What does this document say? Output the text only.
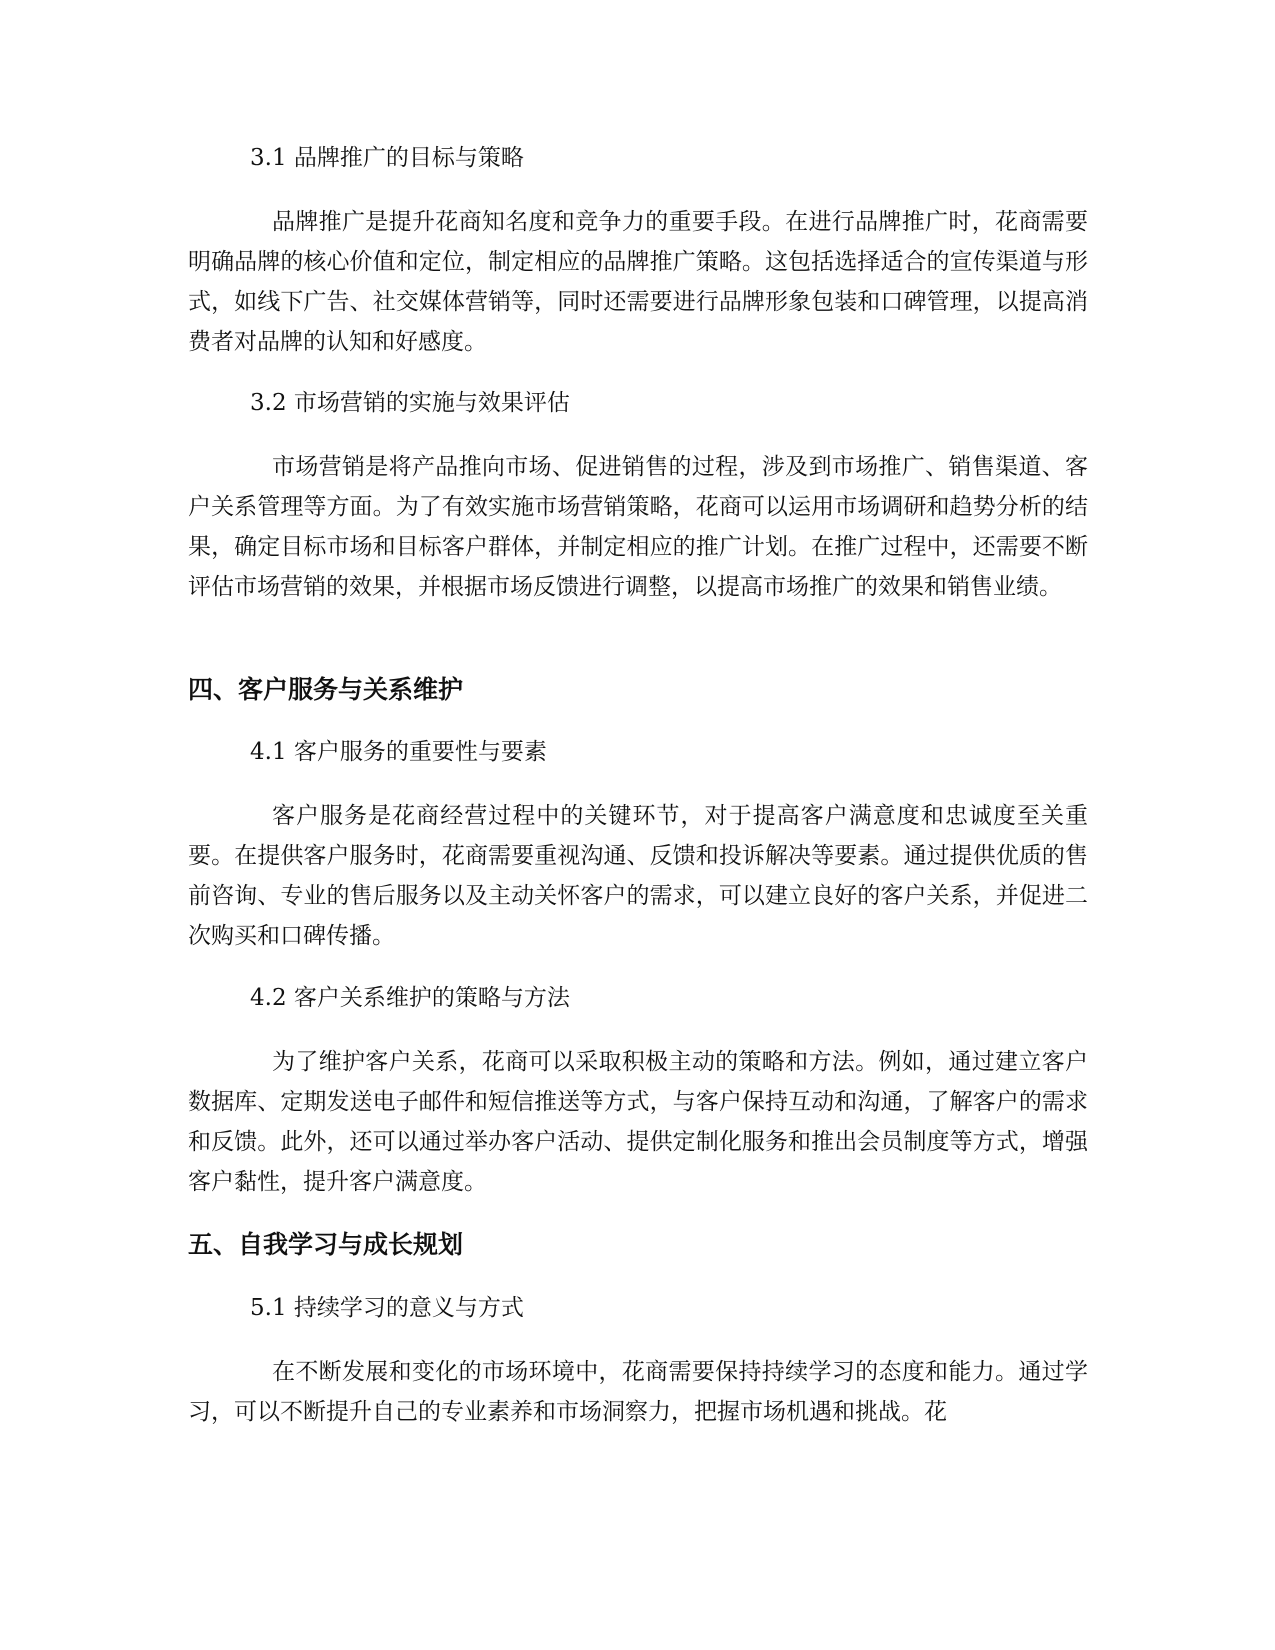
3.1 品牌推广的目标与策略

品牌推广是提升花商知名度和竞争力的重要手段。在进行品牌推广时，花商需要明确品牌的核心价值和定位，制定相应的品牌推广策略。这包括选择适合的宣传渠道与形式，如线下广告、社交媒体营销等，同时还需要进行品牌形象包装和口碑管理，以提高消费者对品牌的认知和好感度。

3.2 市场营销的实施与效果评估

市场营销是将产品推向市场、促进销售的过程，涉及到市场推广、销售渠道、客户关系管理等方面。为了有效实施市场营销策略，花商可以运用市场调研和趋势分析的结果，确定目标市场和目标客户群体，并制定相应的推广计划。在推广过程中，还需要不断评估市场营销的效果，并根据市场反馈进行调整，以提高市场推广的效果和销售业绩。

四、客户服务与关系维护
4.1 客户服务的重要性与要素

客户服务是花商经营过程中的关键环节，对于提高客户满意度和忠诚度至关重要。在提供客户服务时，花商需要重视沟通、反馈和投诉解决等要素。通过提供优质的售前咨询、专业的售后服务以及主动关怀客户的需求，可以建立良好的客户关系，并促进二次购买和口碑传播。

4.2 客户关系维护的策略与方法

为了维护客户关系，花商可以采取积极主动的策略和方法。例如，通过建立客户数据库、定期发送电子邮件和短信推送等方式，与客户保持互动和沟通，了解客户的需求和反馈。此外，还可以通过举办客户活动、提供定制化服务和推出会员制度等方式，增强客户黏性，提升客户满意度。

五、自我学习与成长规划
5.1 持续学习的意义与方式

在不断发展和变化的市场环境中，花商需要保持持续学习的态度和能力。通过学习，可以不断提升自己的专业素养和市场洞察力，把握市场机遇和挑战。花
